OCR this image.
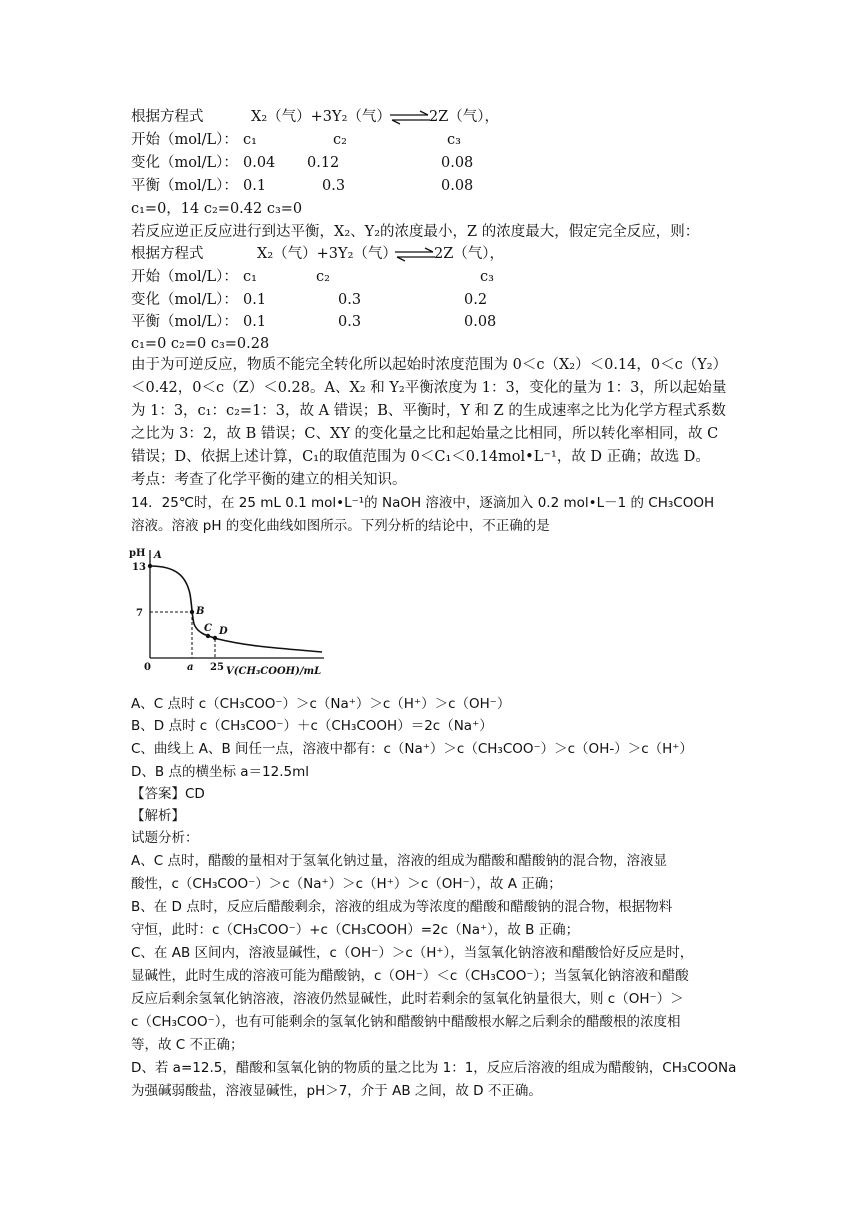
根据方程式	X₂（气）+3Y₂（气）	2Z（气），
开始（mol/L）： c₁	c₂	c₃
变化（mol/L）： 0.04 0.12	0.08
平衡（mol/L）： 0.1	0.3	0.08
c₁=0，14 c₂=0.42 c₃=0
若反应逆正反应进行到达平衡，X₂、Y₂的浓度最小，Z 的浓度最大，假定完全反应，则：
根据方程式	X₂（气）+3Y₂（气）	2Z（气），
开始（mol/L）： c₁	c₂	c₃
变化（mol/L）： 0.1	0.3	0.2
平衡（mol/L）： 0.1	0.3	0.08
c₁=0 c₂=0 c₃=0.28
由于为可逆反应，物质不能完全转化所以起始时浓度范围为 0＜c（X₂）＜0.14，0＜c（Y₂）
＜0.42，0＜c（Z）＜0.28。A、X₂ 和 Y₂平衡浓度为 1：3，变化的量为 1：3，所以起始量
为 1：3，c₁：c₂=1：3，故 A 错误；B、平衡时，Y 和 Z 的生成速率之比为化学方程式系数
之比为 3：2，故 B 错误；C、XY 的变化量之比和起始量之比相同，所以转化率相同，故 C
错误；D、依据上述计算，C₁的取值范围为 0＜C₁＜0.14mol•L⁻¹，故 D 正确；故选 D。
考点：考查了化学平衡的建立的相关知识。
14．25℃时，在 25 mL 0.1 mol•L⁻¹的 NaOH 溶液中，逐滴加入 0.2 mol•L－1 的 CH₃COOH
溶液。溶液 pH 的变化曲线如图所示。下列分析的结论中，不正确的是
pH
0	V(CH₃COOH)/mL
13
7
a 25
A
B
C D
A、C 点时 c（CH₃COO⁻）＞c（Na⁺）＞c（H⁺）＞c（OH⁻）
B、D 点时 c（CH₃COO⁻）＋c（CH₃COOH）＝2c（Na⁺）
C、曲线上 A、B 间任一点，溶液中都有：c（Na⁺）＞c（CH₃COO⁻）＞c（OH-）＞c（H⁺）
D、B 点的横坐标 a＝12.5ml
【答案】CD
【解析】
试题分析：
A、C 点时，醋酸的量相对于氢氧化钠过量，溶液的组成为醋酸和醋酸钠的混合物，溶液显
酸性，c（CH₃COO⁻）＞c（Na⁺）＞c（H⁺）＞c（OH⁻），故 A 正确；
B、在 D 点时，反应后醋酸剩余，溶液的组成为等浓度的醋酸和醋酸钠的混合物，根据物料
守恒，此时：c（CH₃COO⁻）+c（CH₃COOH）=2c（Na⁺），故 B 正确；
C、在 AB 区间内，溶液显碱性，c（OH⁻）＞c（H⁺），当氢氧化钠溶液和醋酸恰好反应是时，
显碱性，此时生成的溶液可能为醋酸钠，c（OH⁻）＜c（CH₃COO⁻）；当氢氧化钠溶液和醋酸
反应后剩余氢氧化钠溶液，溶液仍然显碱性，此时若剩余的氢氧化钠量很大，则 c（OH⁻）＞
c（CH₃COO⁻），也有可能剩余的氢氧化钠和醋酸钠中醋酸根水解之后剩余的醋酸根的浓度相
等，故 C 不正确；
D、若 a=12.5，醋酸和氢氧化钠的物质的量之比为 1：1，反应后溶液的组成为醋酸钠，CH₃COONa
为强碱弱酸盐，溶液显碱性，pH＞7，介于 AB 之间，故 D 不正确。
